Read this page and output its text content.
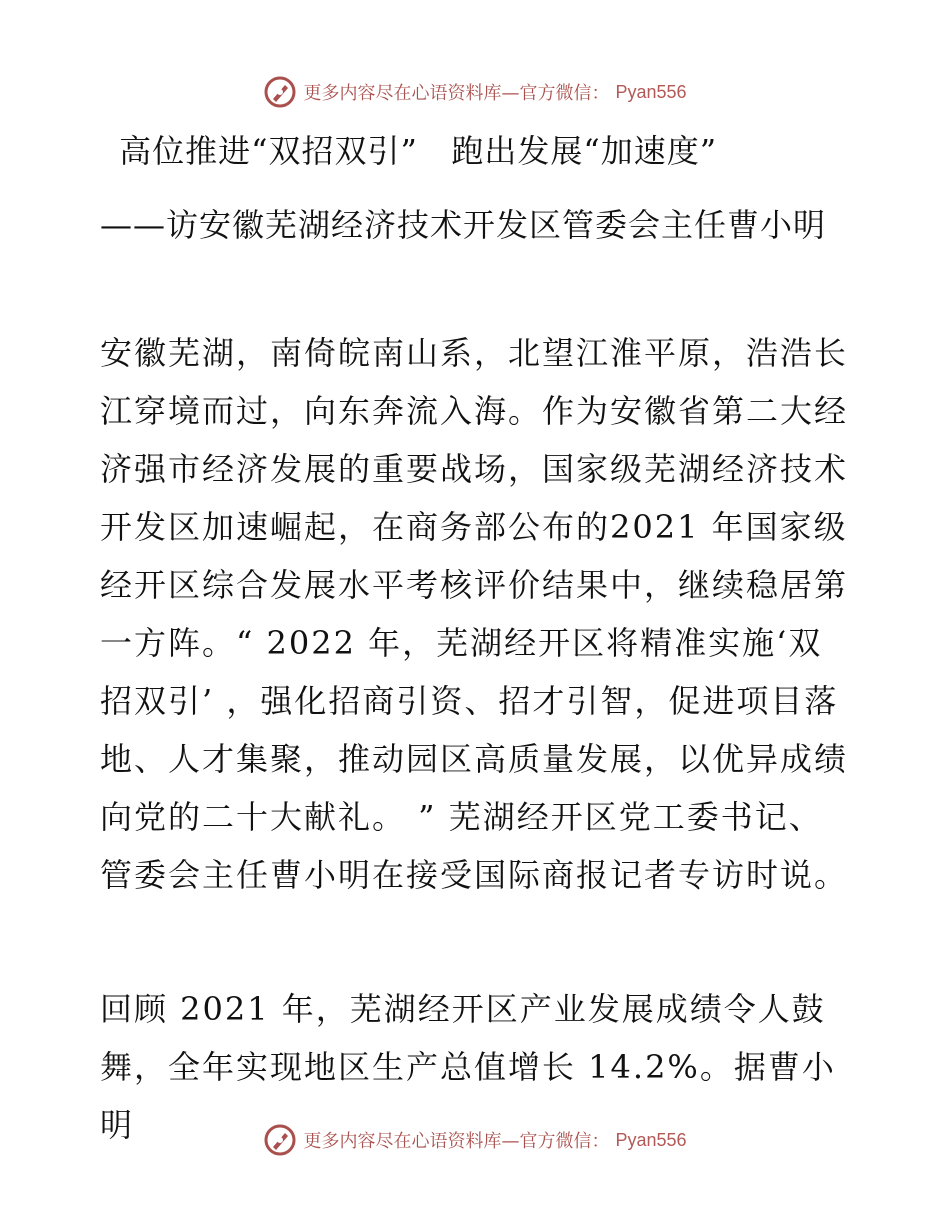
更多内容尽在心语资料库—官方微信： Pyan556
高位推进“双招双引”   跑出发展“加速度”

——访安徽芜湖经济技术开发区管委会主任曹小明

安徽芜湖，南倚皖南山系，北望江淮平原，浩浩长江穿境而过，向东奔流入海。作为安徽省第二大经济强市经济发展的重要战场，国家级芜湖经济技术开发区加速崛起，在商务部公布的2021 年国家级经开区综合发展水平考核评价结果中，继续稳居第一方阵。“ 2022 年，芜湖经开区将精准实施‘双招双引’ ，强化招商引资、招才引智，促进项目落地、人才集聚，推动园区高质量发展，以优异成绩向党的二十大献礼。 ” 芜湖经开区党工委书记、管委会主任曹小明在接受国际商报记者专访时说。

回顾 2021 年，芜湖经开区产业发展成绩令人鼓舞，全年实现地区生产总值增长 14.2%。据曹小明	更多内容尽在心语资料库—官方微信： Pyan556
